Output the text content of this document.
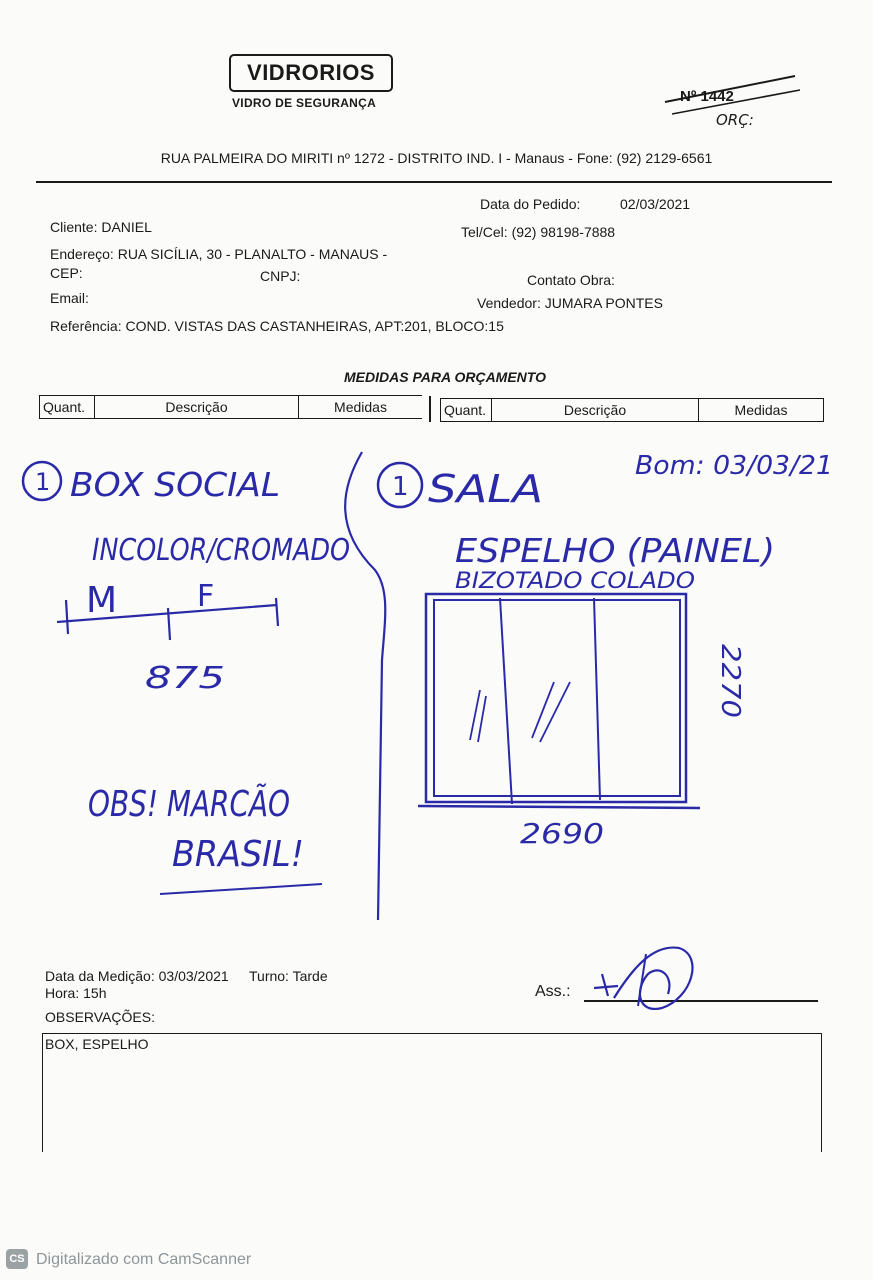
VIDRORIOS
VIDRO DE SEGURANÇA	Nº 1442
ORÇ:
RUA PALMEIRA DO MIRITI nº 1272 - DISTRITO IND. I - Manaus - Fone: (92) 2129-6561
Data do Pedido:	02/03/2021
Cliente: DANIEL	Tel/Cel: (92) 98198-7888
Endereço: RUA SICÍLIA, 30 - PLANALTO - MANAUS -
CEP:	CNPJ:	Contato Obra:
Email:	Vendedor: JUMARA PONTES
Referência: COND. VISTAS DAS CASTANHEIRAS, APT:201, BLOCO:15
MEDIDAS PARA ORÇAMENTO
Quant.	Descrição	Medidas	Quant.	Descrição	Medidas
1 BOX SOCIAL
INCOLOR/CROMADO
M	F
875
OBS! MARCÃO
BRASIL!
1 SALA
ESPELHO (PAINEL)
BIZOTADO COLADO
Bom: 03/03/21
2690
2270
Data da Medição: 03/03/2021 Turno: Tarde
Hora: 15h	Ass.:
OBSERVAÇÕES:
BOX, ESPELHO
CS Digitalizado com CamScanner
